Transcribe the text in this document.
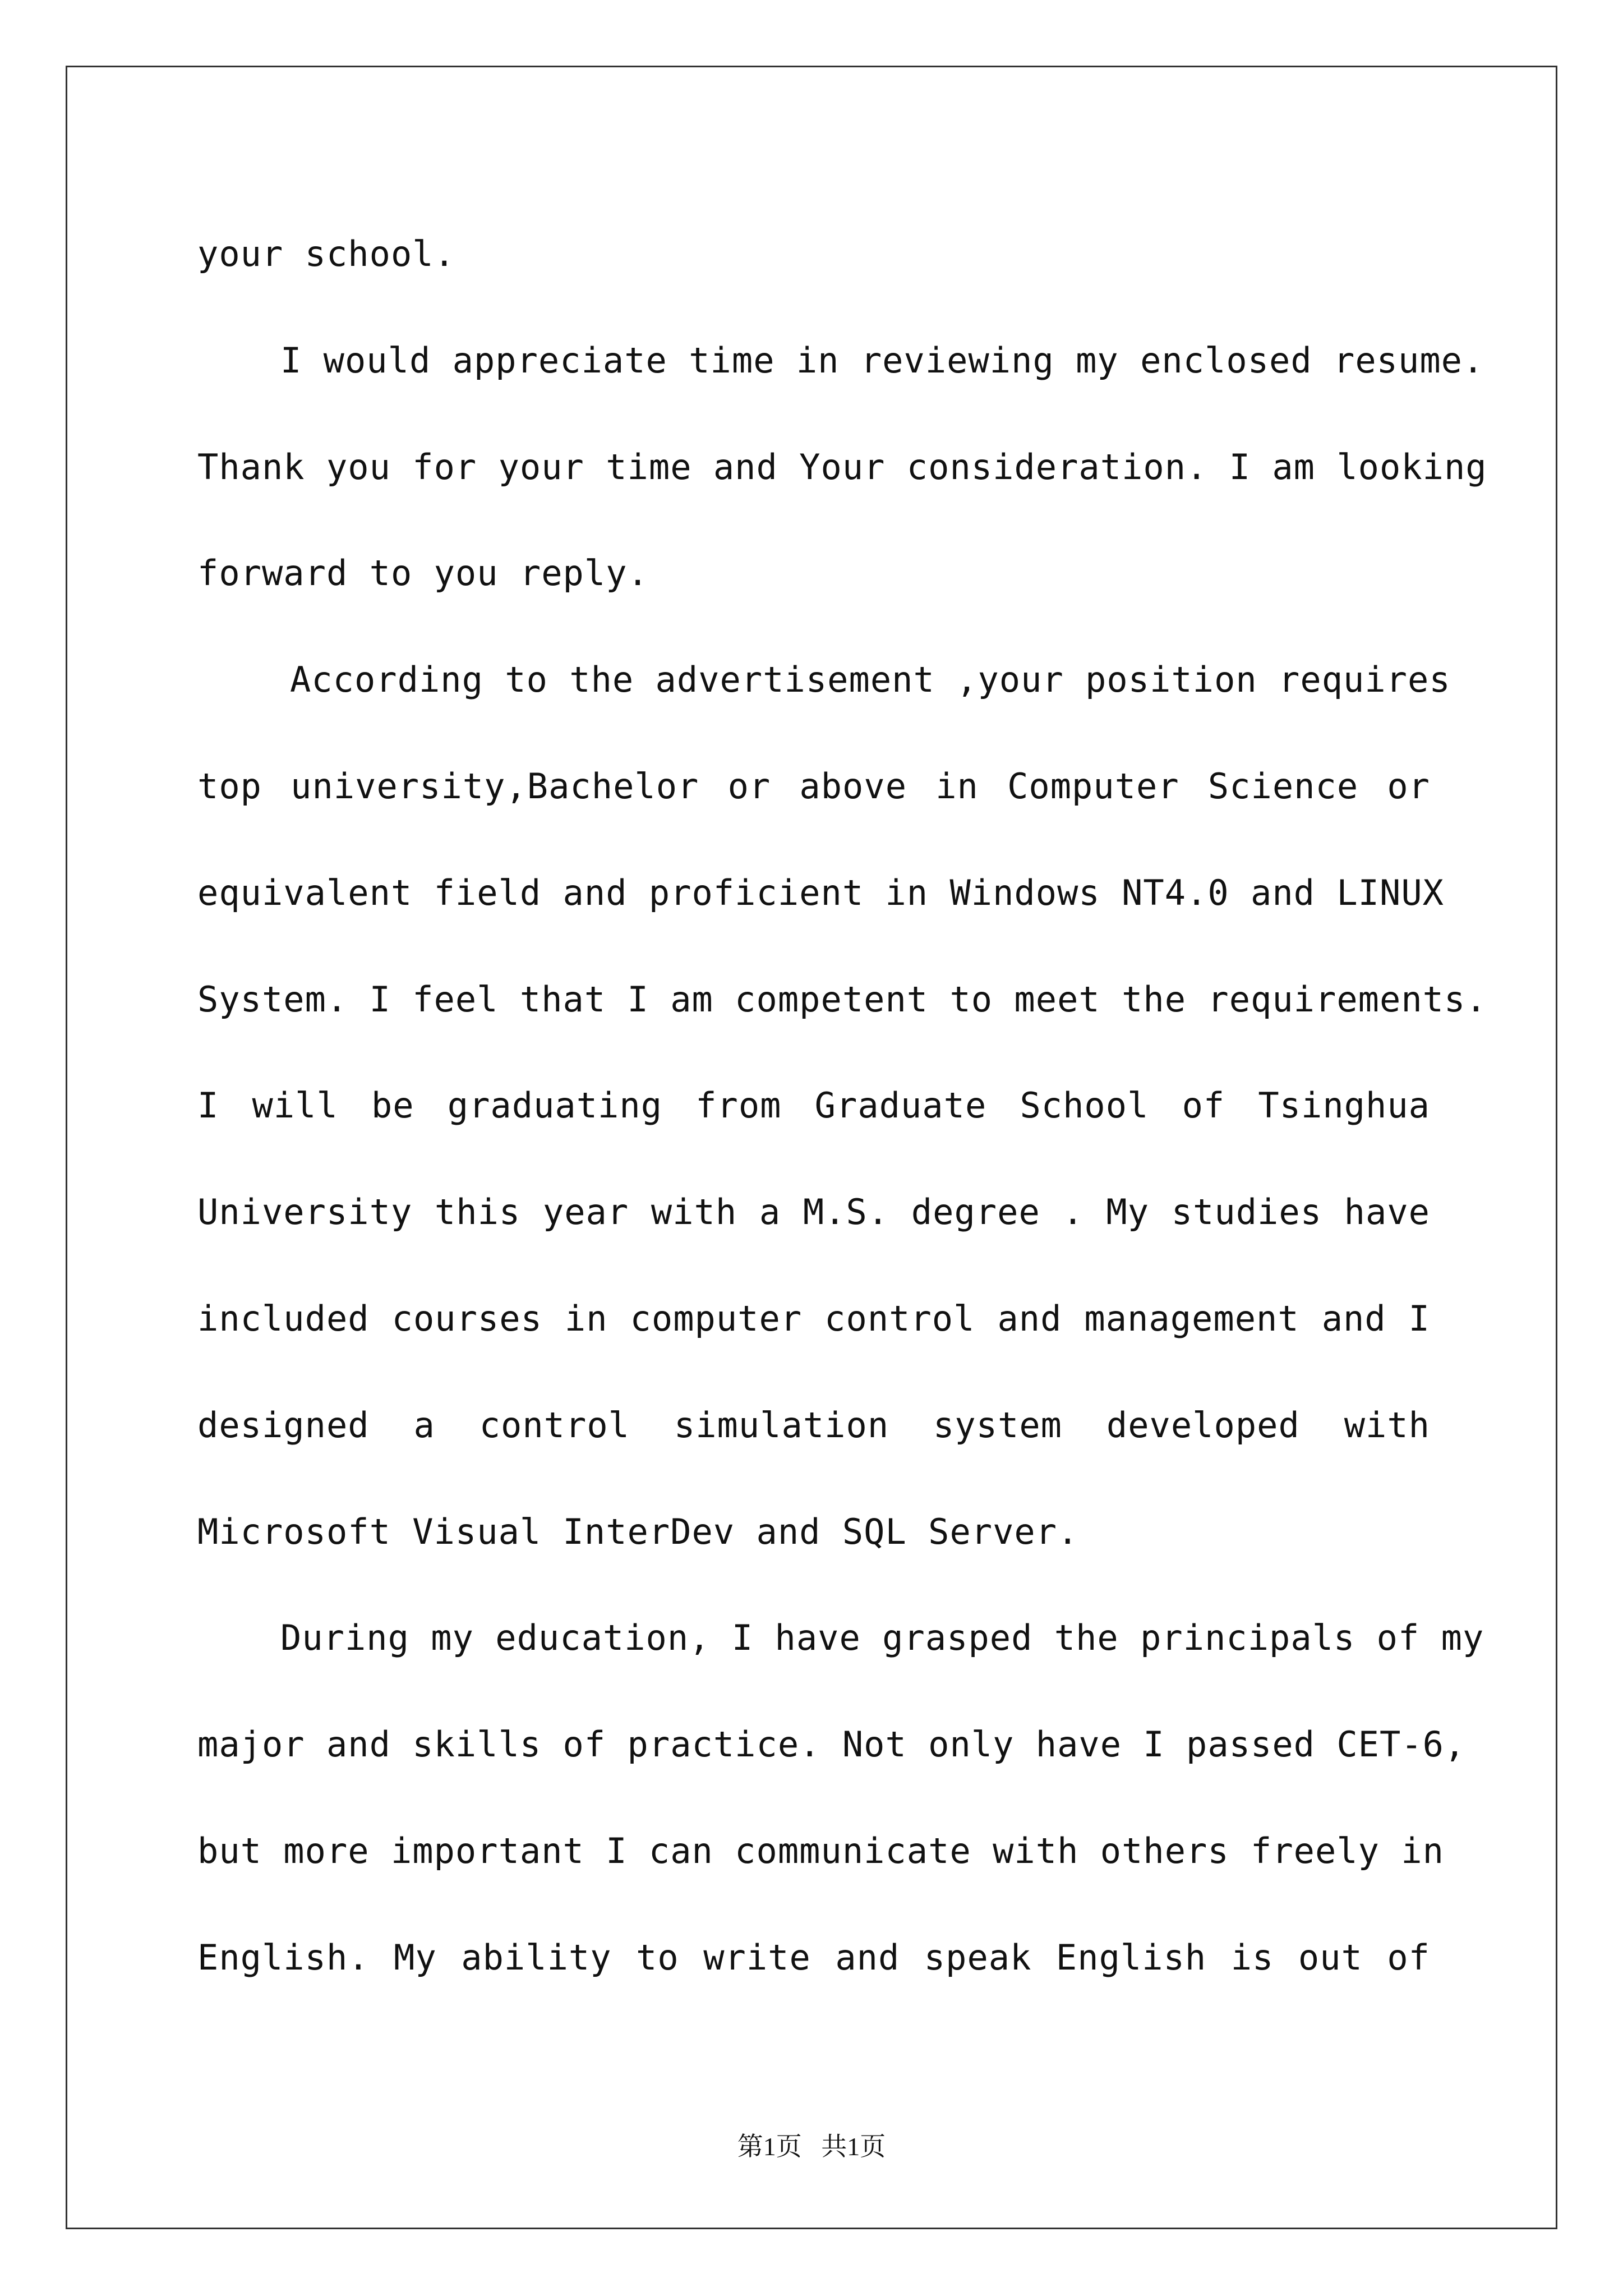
your school.
I would appreciate time in reviewing my enclosed resume.
Thank you for your time and Your consideration. I am looking
forward to you reply.
According to the advertisement ,your position requires
top university,Bachelor or above in Computer Science or
equivalent field and proficient in Windows NT4.0 and LINUX
System. I feel that I am competent to meet the requirements.
I will be graduating from Graduate School of Tsinghua
University this year with a M.S. degree . My studies have
included courses in computer control and management and I
designed a control simulation system developed with
Microsoft Visual InterDev and SQL Server.
During my education, I have grasped the principals of my
major and skills of practice. Not only have I passed CET-6,
but more important I can communicate with others freely in
English. My ability to write and speak English is out of
第1页   共1页
